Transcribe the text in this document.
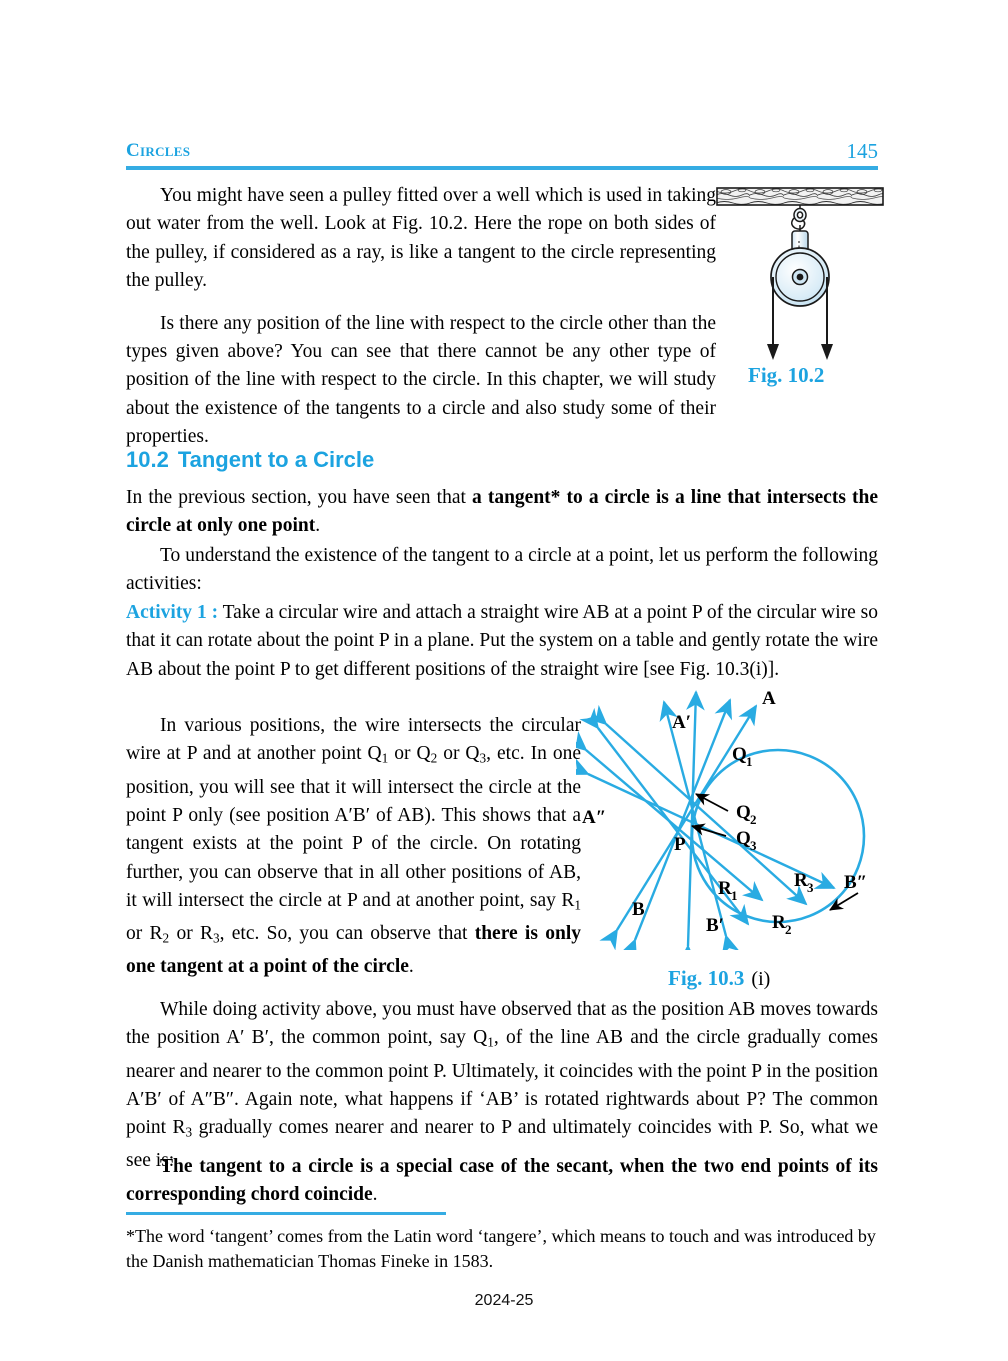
Circles	145
Fig. 10.2

You might have seen a pulley fitted over a well which is used in taking out water from the well. Look at Fig. 10.2. Here the rope on both sides of the pulley, if considered as a ray, is like a tangent to the circle representing the pulley.

Is there any position of the line with respect to the circle other than the types given above? You can see that there cannot be any other type of position of the line with respect to the circle. In this chapter, we will study about the existence of the tangents to a circle and also study some of their properties.

10.2 Tangent to a Circle

In the previous section, you have seen that a tangent* to a circle is a line that intersects the circle at only one point.

To understand the existence of the tangent to a circle at a point, let us perform the following activities:

Activity 1 : Take a circular wire and attach a straight wire AB at a point P of the circular wire so that it can rotate about the point P in a plane. Put the system on a table and gently rotate the wire AB about the point P to get different positions of the straight wire [see Fig. 10.3(i)].

A
A′
A″
B
B′
B″
P
Q 1
Q 2
Q 3
R 1
R 2
R 3
Fig. 10.3 (i)

In various positions, the wire intersects the circular wire at P and at another point $Q_1$ or $Q_2$ or $Q_3$, etc. In one position, you will see that it will intersect the circle at the point P only (see position A′B′ of AB). This shows that a tangent exists at the point P of the circle. On rotating further, you can observe that in all other positions of AB, it will intersect the circle at P and at another point, say $R_1$ or $R_2$ or $R_3$, etc. So, you can observe that there is only one tangent at a point of the circle.

While doing activity above, you must have observed that as the position AB moves towards the position A′ B′, the common point, say $Q_1$, of the line AB and the circle gradually comes nearer and nearer to the common point P. Ultimately, it coincides with the point P in the position A′B′ of A″B″. Again note, what happens if ‘AB’ is rotated rightwards about P? The common point $R_3$ gradually comes nearer and nearer to P and ultimately coincides with P. So, what we see is:

The tangent to a circle is a special case of the secant, when the two end points of its corresponding chord coincide.

*The word ‘tangent’ comes from the Latin word ‘tangere’, which means to touch and was introduced by the Danish mathematician Thomas Fineke in 1583.
2024-25
